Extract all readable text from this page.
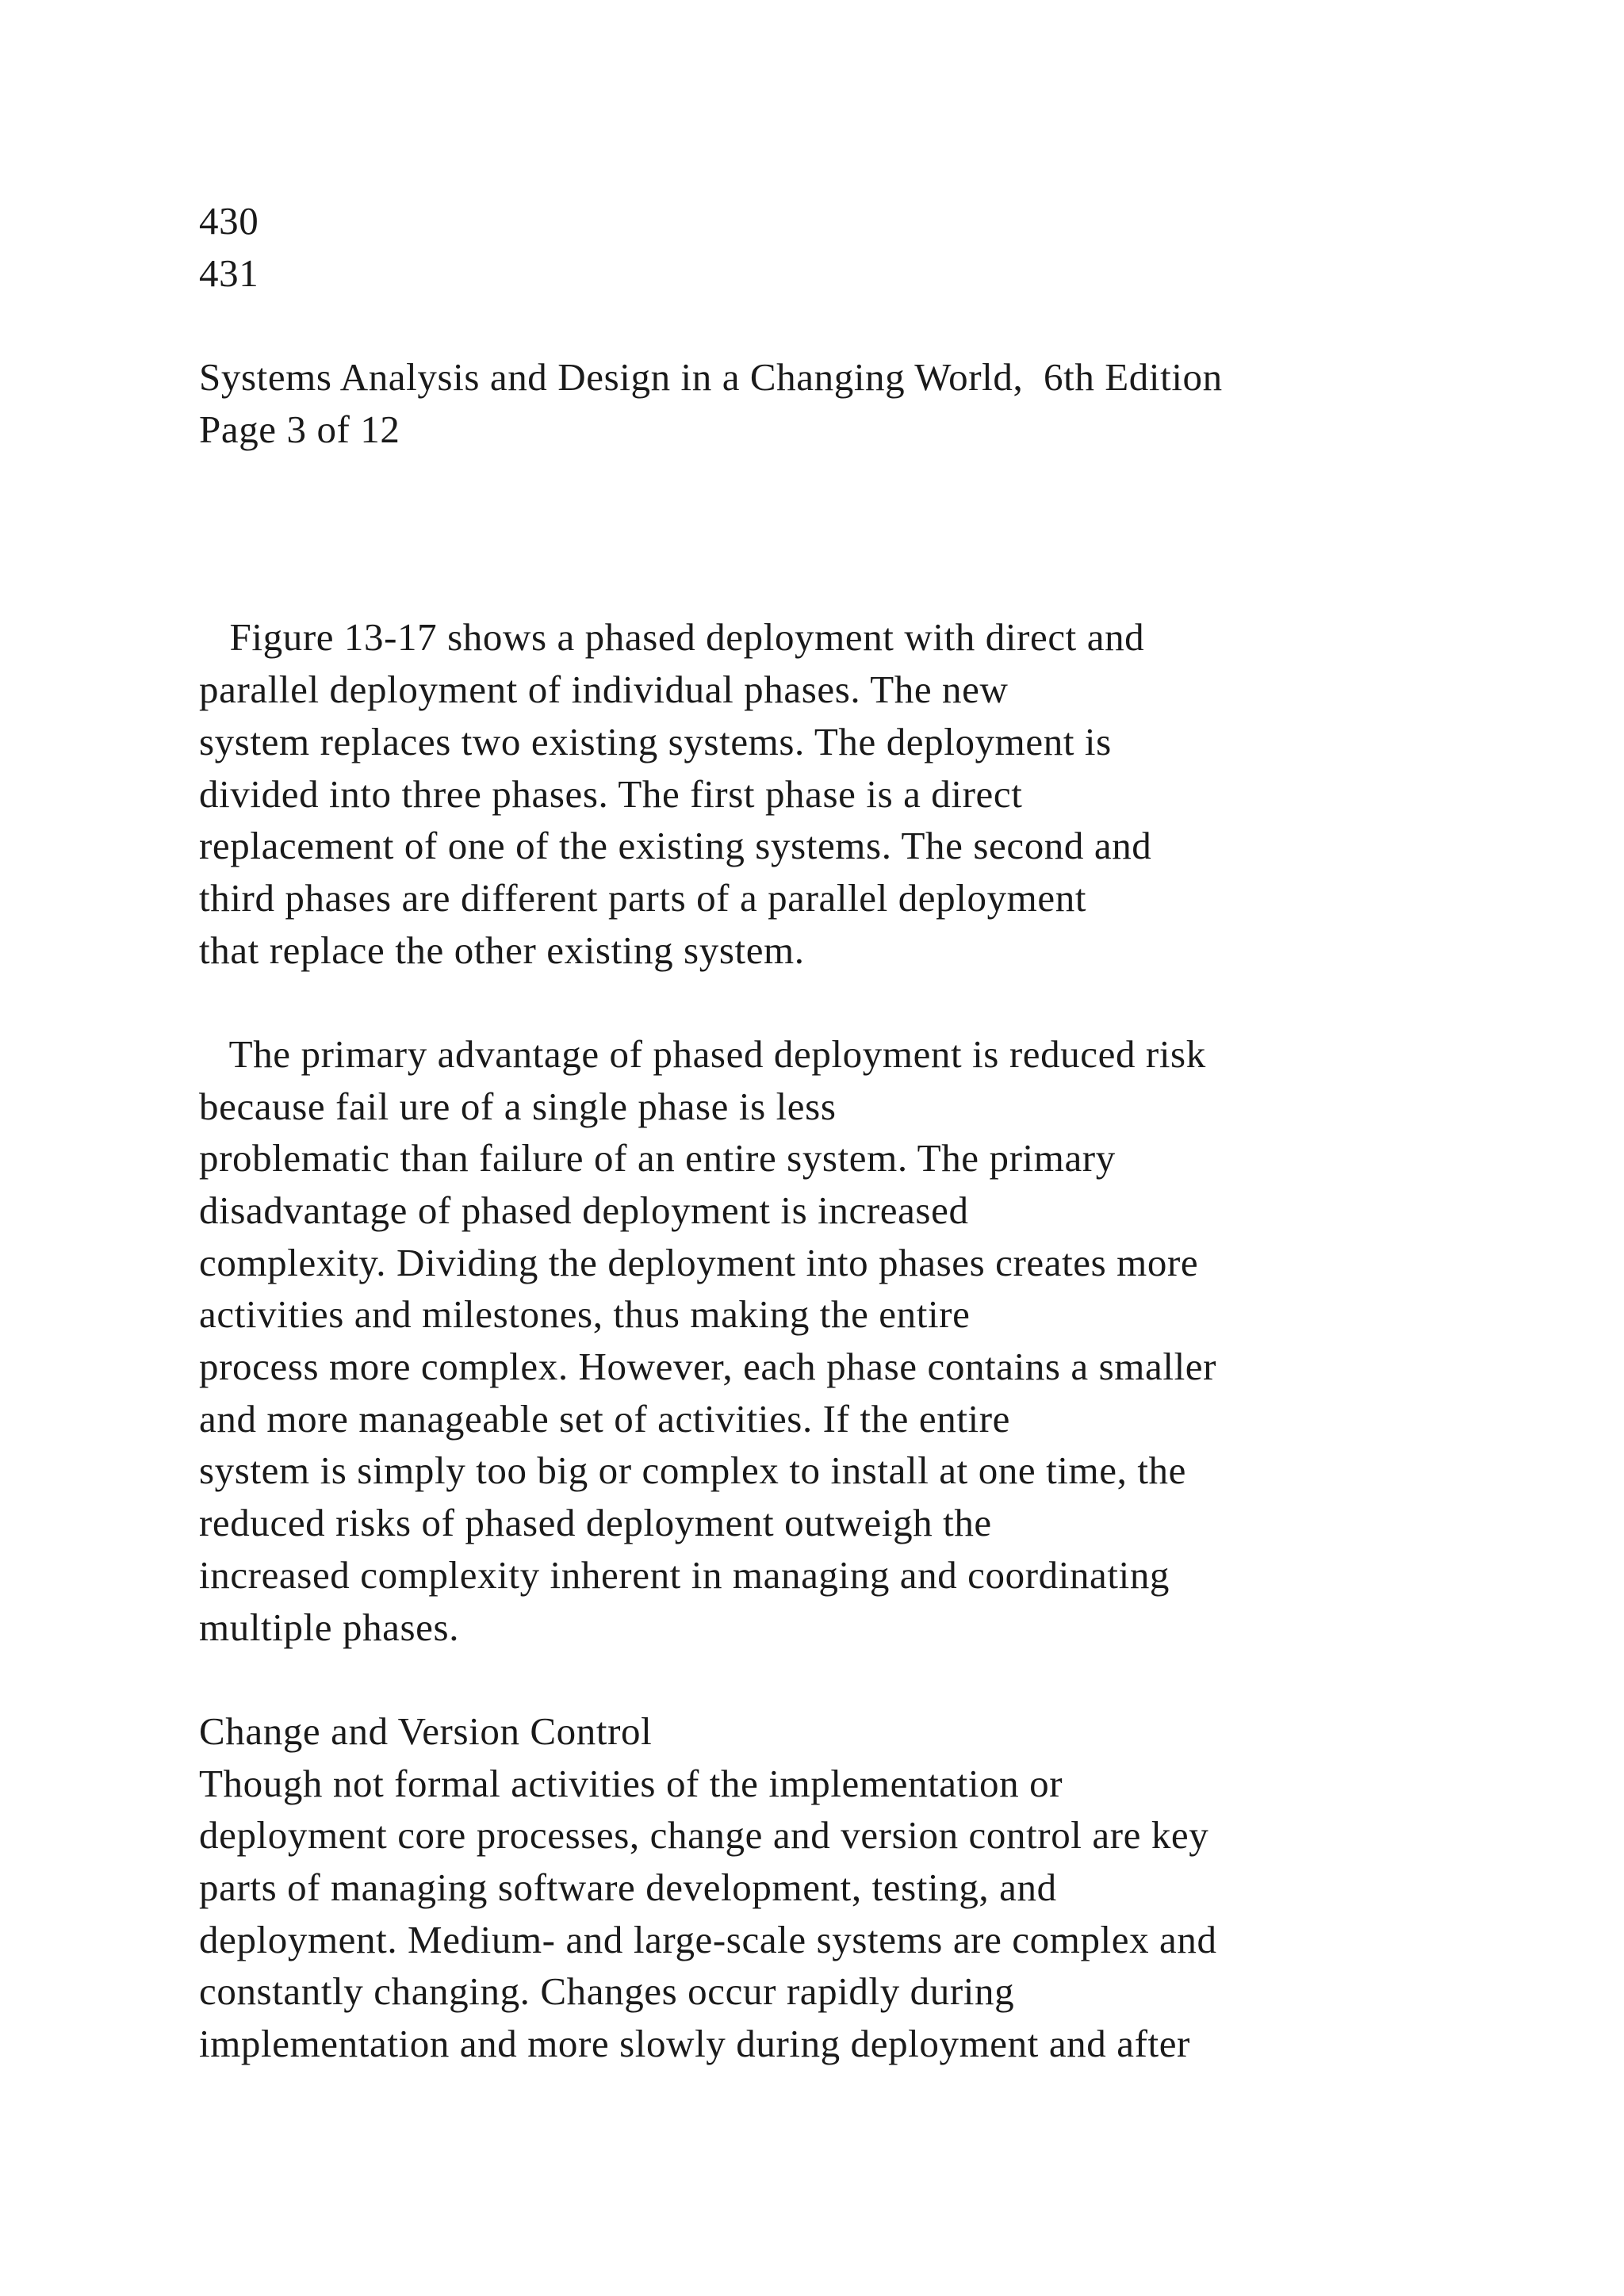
430
431
Systems Analysis and Design in a Changing World,  6th Edition
Page 3 of 12
Figure 13-17 shows a phased deployment with direct and
parallel deployment of individual phases. The new
system replaces two existing systems. The deployment is
divided into three phases. The first phase is a direct
replacement of one of the existing systems. The second and
third phases are different parts of a parallel deployment
that replace the other existing system.
The primary advantage of phased deployment is reduced risk
because fail ure of a single phase is less
problematic than failure of an entire system. The primary
disadvantage of phased deployment is increased
complexity. Dividing the deployment into phases creates more
activities and milestones, thus making the entire
process more complex. However, each phase contains a smaller
and more manageable set of activities. If the entire
system is simply too big or complex to install at one time, the
reduced risks of phased deployment outweigh the
increased complexity inherent in managing and coordinating
multiple phases.
Change and Version Control
Though not formal activities of the implementation or
deployment core processes, change and version control are key
parts of managing software development, testing, and
deployment. Medium- and large-scale systems are complex and
constantly changing. Changes occur rapidly during
implementation and more slowly during deployment and after
